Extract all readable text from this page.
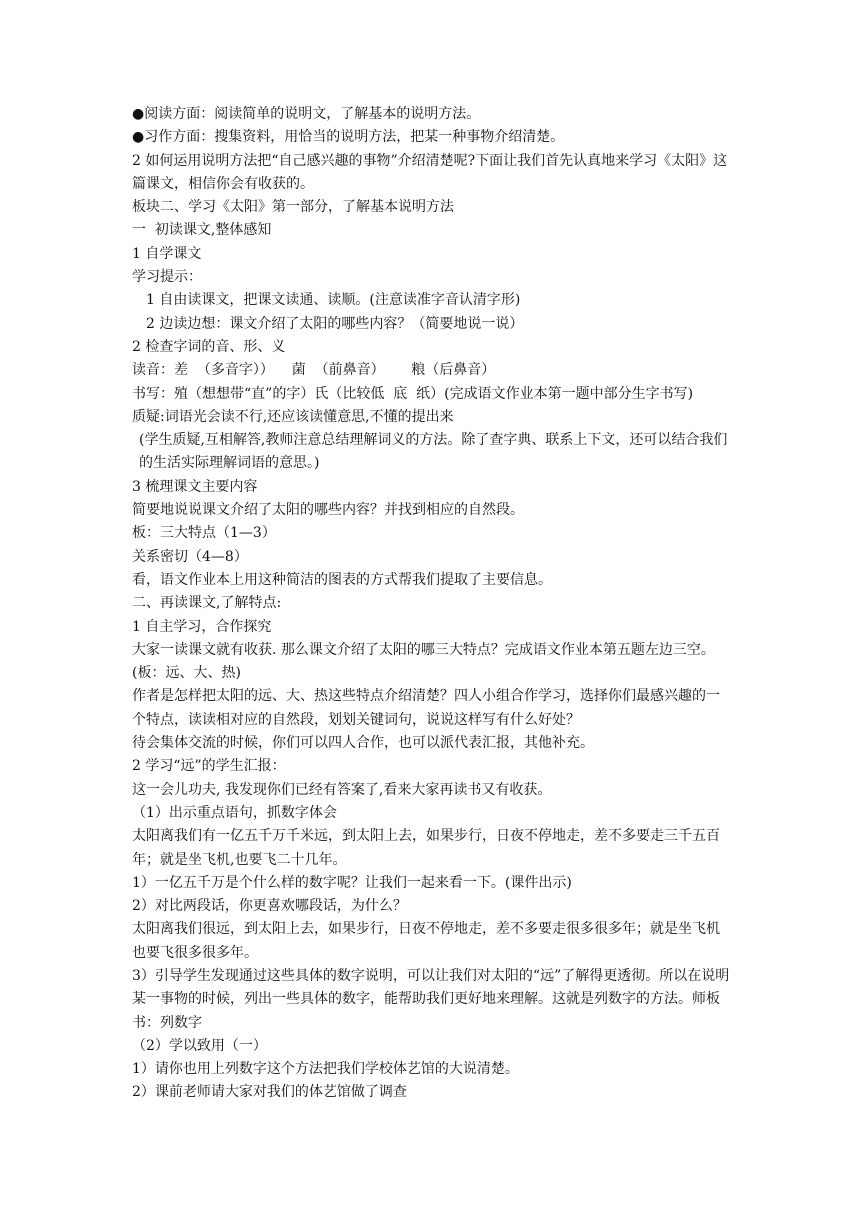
●阅读方面：阅读简单的说明文，了解基本的说明方法。

●习作方面：搜集资料，用恰当的说明方法，把某一种事物介绍清楚。

2 如何运用说明方法把“自己感兴趣的事物”介绍清楚呢?下面让我们首先认真地来学习《太阳》这篇课文，相信你会有收获的。

板块二、学习《太阳》第一部分，了解基本说明方法

一  初读课文,整体感知

1 自学课文

学习提示：

1 自由读课文，把课文读通、读顺。(注意读准字音认清字形)

2 边读边想：课文介绍了太阳的哪些内容？（简要地说一说）

2 检查字词的音、形、义

读音：差  （多音字））    菌  （前鼻音）      粮（后鼻音）

书写：殖（想想带“直”的字）氏（比较低  底  纸）(完成语文作业本第一题中部分生字书写)

质疑:词语光会读不行,还应该读懂意思,不懂的提出来

(学生质疑,互相解答,教师注意总结理解词义的方法。除了查字典、联系上下文，还可以结合我们的生活实际理解词语的意思。)

3 梳理课文主要内容

简要地说说课文介绍了太阳的哪些内容？并找到相应的自然段。

板：三大特点（1—3）

关系密切（4—8）

看，语文作业本上用这种简洁的图表的方式帮我们提取了主要信息。

二、再读课文,了解特点:

1 自主学习，合作探究

大家一读课文就有收获. 那么课文介绍了太阳的哪三大特点？完成语文作业本第五题左边三空。(板：远、大、热)

作者是怎样把太阳的远、大、热这些特点介绍清楚？四人小组合作学习，选择你们最感兴趣的一个特点，读读相对应的自然段，划划关键词句，说说这样写有什么好处？

待会集体交流的时候，你们可以四人合作，也可以派代表汇报，其他补充。

2 学习“远”的学生汇报：

这一会儿功夫, 我发现你们已经有答案了,看来大家再读书又有收获。

（1）出示重点语句，抓数字体会

太阳离我们有一亿五千万千米远，到太阳上去，如果步行，日夜不停地走，差不多要走三千五百年；就是坐飞机,也要飞二十几年。

1）一亿五千万是个什么样的数字呢？让我们一起来看一下。(课件出示)

2）对比两段话，你更喜欢哪段话，为什么？

太阳离我们很远，到太阳上去，如果步行，日夜不停地走，差不多要走很多很多年；就是坐飞机也要飞很多很多年。

3）引导学生发现通过这些具体的数字说明，可以让我们对太阳的“远”了解得更透彻。所以在说明某一事物的时候，列出一些具体的数字，能帮助我们更好地来理解。这就是列数字的方法。师板书：列数字

（2）学以致用（一）

1）请你也用上列数字这个方法把我们学校体艺馆的大说清楚。

2）课前老师请大家对我们的体艺馆做了调查
